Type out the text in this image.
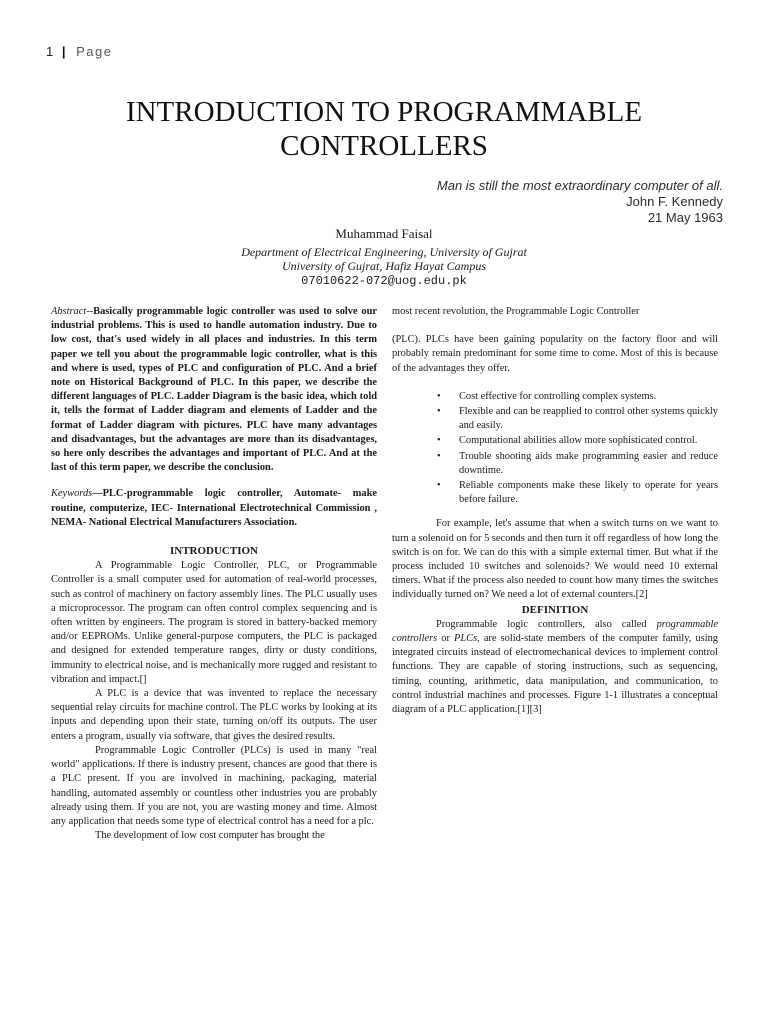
1 | Page
INTRODUCTION TO PROGRAMMABLE CONTROLLERS
Man is still the most extraordinary computer of all.
John F. Kennedy
21 May 1963
Muhammad Faisal
Department of Electrical Engineering, University of Gujrat
University of Gujrat, Hafiz Hayat Campus
07010622-072@uog.edu.pk

Abstract--Basically programmable logic controller was used to solve our industrial problems. This is used to handle automation industry. Due to low cost, that's used widely in all places and industries. In this term paper we tell you about the programmable logic controller, what is this and where is used, types of PLC and configuration of PLC. And a brief note on Historical Background of PLC. In this paper, we describe the different languages of PLC. Ladder Diagram is the basic idea, which told it, tells the format of Ladder diagram and elements of Ladder and the format of Ladder diagram with pictures. PLC have many advantages and disadvantages, but the advantages are more than its disadvantages, so here only describes the advantages and important of PLC. And at the last of this term paper, we describe the conclusion.

Keywords—PLC-programmable logic controller, Automate- make routine, computerize, IEC- International Electrotechnical Commission , NEMA- National Electrical Manufacturers Association.

INTRODUCTION

A Programmable Logic Controller, PLC, or Programmable Controller is a small computer used for automation of real-world processes, such as control of machinery on factory assembly lines. The PLC usually uses a microprocessor. The program can often control complex sequencing and is often written by engineers. The program is stored in battery-backed memory and/or EEPROMs. Unlike general-purpose computers, the PLC is packaged and designed for extended temperature ranges, dirty or dusty conditions, immunity to electrical noise, and is mechanically more rugged and resistant to vibration and impact.[]

A PLC is a device that was invented to replace the necessary sequential relay circuits for machine control. The PLC works by looking at its inputs and depending upon their state, turning on/off its outputs. The user enters a program, usually via software, that gives the desired results.

Programmable Logic Controller (PLCs) is used in many "real world" applications. If there is industry present, chances are good that there is a PLC present. If you are involved in machining, packaging, material handling, automated assembly or countless other industries you are probably already using them. If you are not, you are wasting money and time. Almost any application that needs some type of electrical control has a need for a plc.

The development of low cost computer has brought the

most recent revolution, the Programmable Logic Controller

(PLC). PLCs have been gaining popularity on the factory floor and will probably remain predominant for some time to come. Most of this is because of the advantages they offer.

• Cost effective for controlling complex systems.
• Flexible and can be reapplied to control other systems quickly and easily.
• Computational abilities allow more sophisticated control.
• Trouble shooting aids make programming easier and reduce downtime.
• Reliable components make these likely to operate for years before failure.

For example, let's assume that when a switch turns on we want to turn a solenoid on for 5 seconds and then turn it off regardless of how long the switch is on for. We can do this with a simple external timer. But what if the process included 10 switches and solenoids? We would need 10 external timers. What if the process also needed to count how many times the switches individually turned on? We need a lot of external counters.[2]

DEFINITION

Programmable logic controllers, also called programmable controllers or PLCs, are solid-state members of the computer family, using integrated circuits instead of electromechanical devices to implement control functions. They are capable of storing instructions, such as sequencing, timing, counting, arithmetic, data manipulation, and communication, to control industrial machines and processes. Figure 1-1 illustrates a conceptual diagram of a PLC application.[1][3]
